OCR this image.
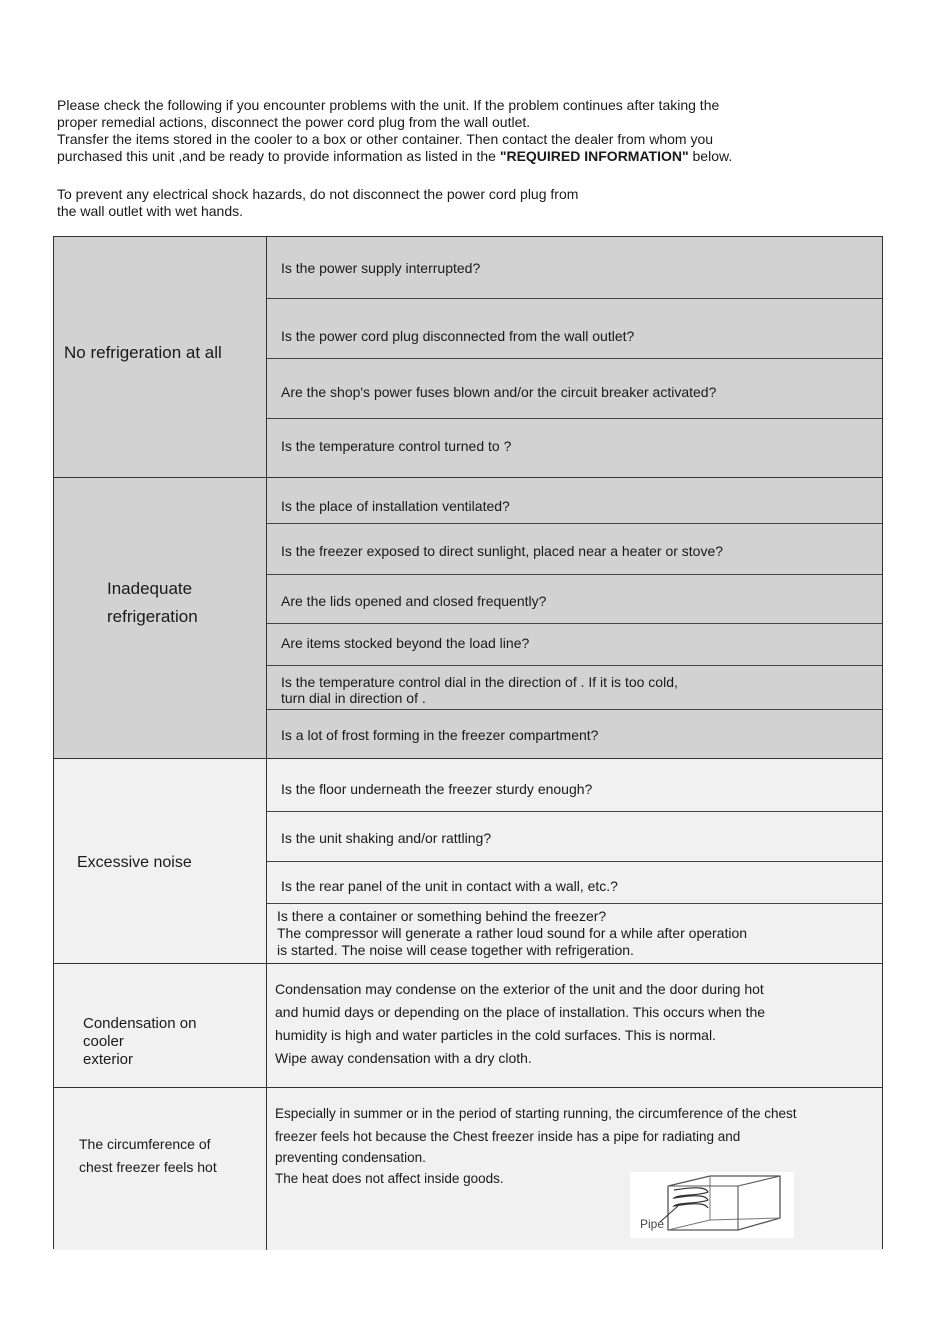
Please check the following if you encounter problems with the unit. If the problem continues after taking the

proper remedial actions, disconnect the power cord plug from the wall outlet.

Transfer the items stored in the cooler to a box or other container. Then contact the dealer from whom you

purchased this unit ,and be ready to provide information as listed in the "REQUIRED INFORMATION" below.

To prevent any electrical shock hazards, do not disconnect the power cord plug from

the wall outlet with wet hands.

No refrigeration at all
Is the power supply interrupted?
Is the power cord plug disconnected from the wall outlet?
Are the shop's power fuses blown and/or the circuit breaker activated?
Is the temperature control turned to ?
Inadequate
refrigeration
Is the place of installation ventilated?
Is the freezer exposed to direct sunlight, placed near a heater or stove?
Are the lids opened and closed frequently?
Are items stocked beyond the load line?
Is the temperature control dial in the direction of . If it is too cold,
turn dial in direction of .
Is a lot of frost forming in the freezer compartment?
Excessive noise
Is the floor underneath the freezer sturdy enough?
Is the unit shaking and/or rattling?
Is the rear panel of the unit in contact with a wall, etc.?
Is there a container or something behind the freezer?
The compressor will generate a rather loud sound for a while after operation
is started. The noise will cease together with refrigeration.
Condensation on
cooler
exterior

Condensation may condense on the exterior of the unit and the door during hot

and humid days or depending on the place of installation. This occurs when the

humidity is high and water particles in the cold surfaces. This is normal.

Wipe away condensation with a dry cloth.

The circumference of
chest freezer feels hot

Especially in summer or in the period of starting running, the circumference of the chest

freezer feels hot because the Chest freezer inside has a pipe for radiating and

preventing condensation.

The heat does not affect inside goods.

Pipe
